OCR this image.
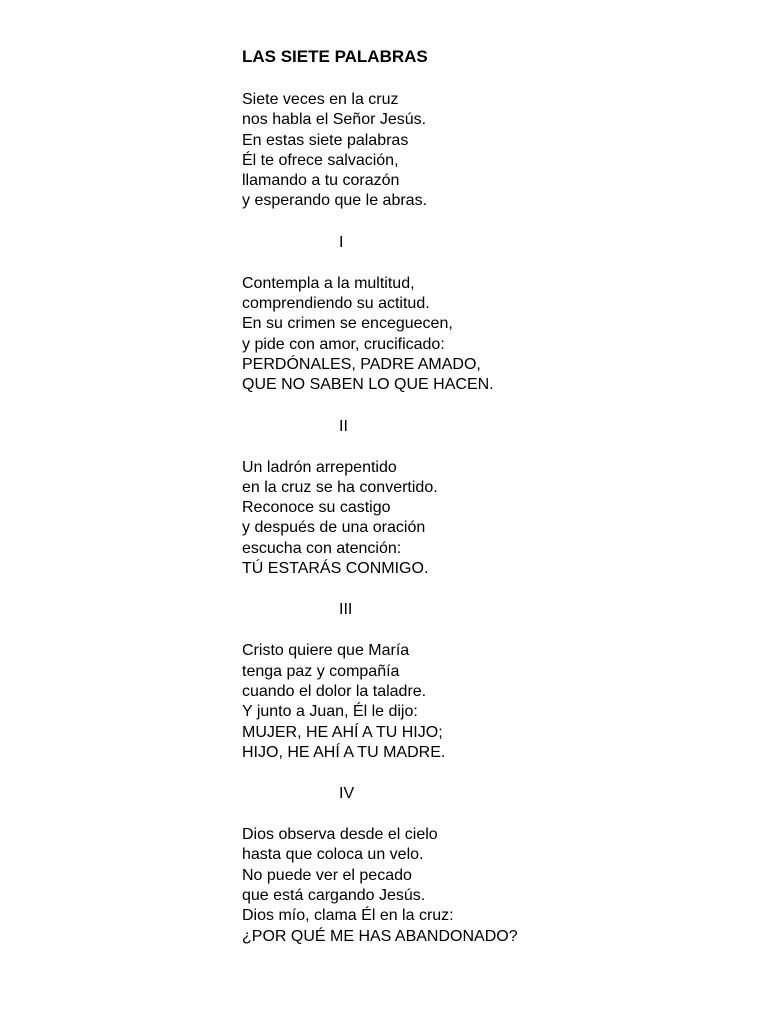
LAS SIETE PALABRAS
Siete veces en la cruz
nos habla el Señor Jesús.
En estas siete palabras
Él te ofrece salvación,
llamando a tu corazón
y esperando que le abras.
I
Contempla a la multitud,
comprendiendo su actitud.
En su crimen se enceguecen,
y pide con amor, crucificado:
PERDÓNALES, PADRE AMADO,
QUE NO SABEN LO QUE HACEN.
II
Un ladrón arrepentido
en la cruz se ha convertido.
Reconoce su castigo
y después de una oración
escucha con atención:
TÚ ESTARÁS CONMIGO.
III
Cristo quiere que María
tenga paz y compañía
cuando el dolor la taladre.
Y junto a Juan, Él le dijo:
MUJER, HE AHÍ A TU HIJO;
HIJO, HE AHÍ A TU MADRE.
IV
Dios observa desde el cielo
hasta que coloca un velo.
No puede ver el pecado
que está cargando Jesús.
Dios mío, clama Él en la cruz:
¿POR QUÉ ME HAS ABANDONADO?
